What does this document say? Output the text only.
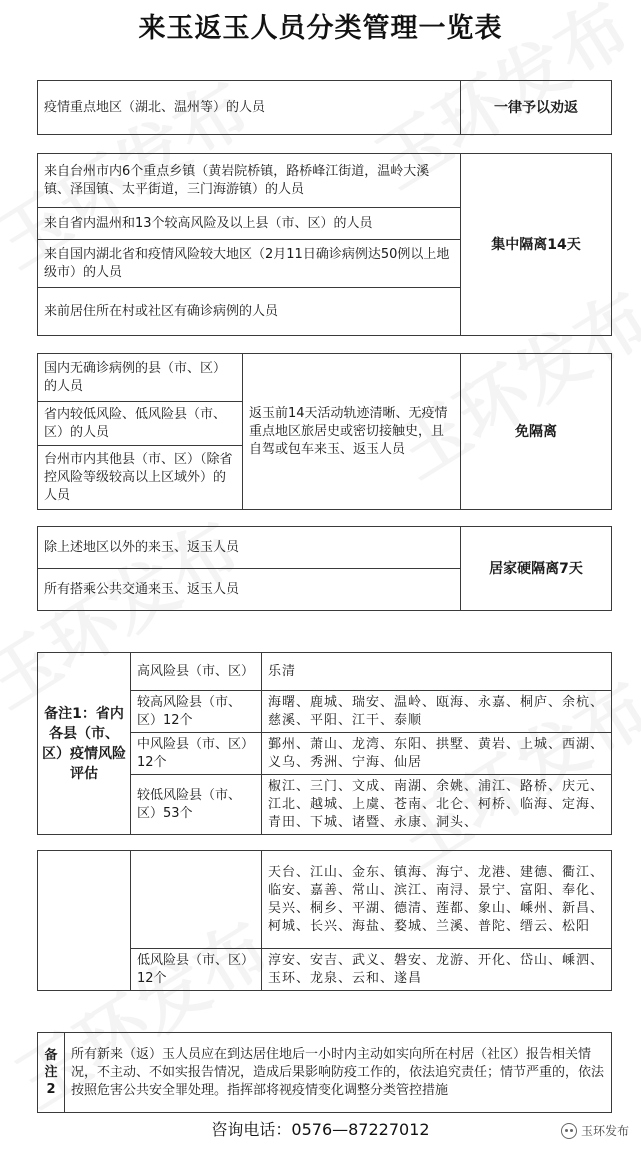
来玉返玉人员分类管理一览表
疫情重点地区（湖北、温州等）的人员	一律予以劝返
来自台州市内6个重点乡镇（黄岩院桥镇，路桥峰江街道，温岭大溪镇、泽国镇、太平街道，三门海游镇）的人员	集中隔离14天
来自省内温州和13个较高风险及以上县（市、区）的人员
来自国内湖北省和疫情风险较大地区（2月11日确诊病例达50例以上地级市）的人员
来前居住所在村或社区有确诊病例的人员
国内无确诊病例的县（市、区）的人员	返玉前14天活动轨迹清晰、无疫情重点地区旅居史或密切接触史，且自驾或包车来玉、返玉人员	免隔离
省内较低风险、低风险县（市、区）的人员
台州市内其他县（市、区）（除省控风险等级较高以上区域外）的人员
除上述地区以外的来玉、返玉人员	居家硬隔离7天
所有搭乘公共交通来玉、返玉人员
备注1：省内各县（市、区）疫情风险评估	高风险县（市、区）	乐清
	较高风险县（市、区）12个	海曙、鹿城、瑞安、温岭、瓯海、永嘉、桐庐、余杭、慈溪、平阳、江干、泰顺
	中风险县（市、区）12个	鄞州、萧山、龙湾、东阳、拱墅、黄岩、上城、西湖、义乌、秀洲、宁海、仙居
	较低风险县（市、区）53个	椒江、三门、文成、南湖、余姚、浦江、路桥、庆元、江北、越城、上虞、苍南、北仑、柯桥、临海、定海、青田、下城、诸暨、永康、洞头、
		天台、江山、金东、镇海、海宁、龙港、建德、衢江、临安、嘉善、常山、滨江、南浔、景宁、富阳、奉化、吴兴、桐乡、平湖、德清、莲都、象山、嵊州、新昌、柯城、长兴、海盐、婺城、兰溪、普陀、缙云、松阳
	低风险县（市、区）12个	淳安、安吉、武义、磐安、龙游、开化、岱山、嵊泗、玉环、龙泉、云和、遂昌
备注2	所有新来（返）玉人员应在到达居住地后一小时内主动如实向所在村居（社区）报告相关情况，不主动、不如实报告情况，造成后果影响防疫工作的，依法追究责任；情节严重的，依法按照危害公共安全罪处理。指挥部将视疫情变化调整分类管控措施
咨询电话：0576—87227012	玉环发布
